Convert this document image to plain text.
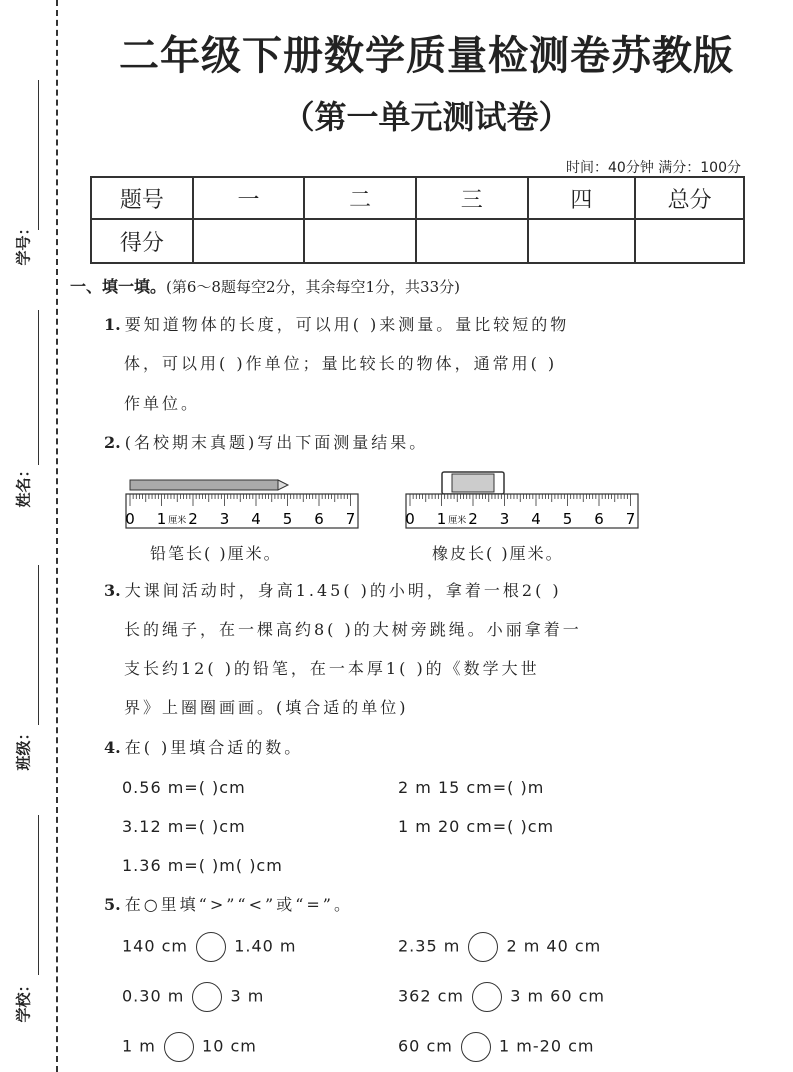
学号：
姓名：
班级：
学校：
二年级下册数学质量检测卷苏教版
（第一单元测试卷）
时间：40分钟 满分：100分
题号	一	二	三	四	总分
得分					
一、填一填。(第6～8题每空2分，其余每空1分，共33分)
1. 要知道物体的长度，可以用( )来测量。量比较短的物
体，可以用( )作单位；量比较长的物体，通常用( )
作单位。
2. (名校期末真题)写出下面测量结果。
0 1 2 3 4 5 6 7
厘米	0 1 2 3 4 5 6 7
厘米
铅笔长( )厘米。	橡皮长( )厘米。
3. 大课间活动时，身高1.45( )的小明，拿着一根2( )
长的绳子，在一棵高约8( )的大树旁跳绳。小丽拿着一
支长约12( )的铅笔，在一本厚1( )的《数学大世
界》上圈圈画画。(填合适的单位)
4. 在( )里填合适的数。
0.56 m=( )cm	2 m 15 cm=( )m
3.12 m=( )cm	1 m 20 cm=( )cm
1.36 m=( )m( )cm
5. 在○里填“>”“<”或“=”。
140 cm	1.40 m	2.35 m	2 m 40 cm
0.30 m	3 m	362 cm	3 m 60 cm
1 m	10 cm	60 cm	1 m-20 cm
